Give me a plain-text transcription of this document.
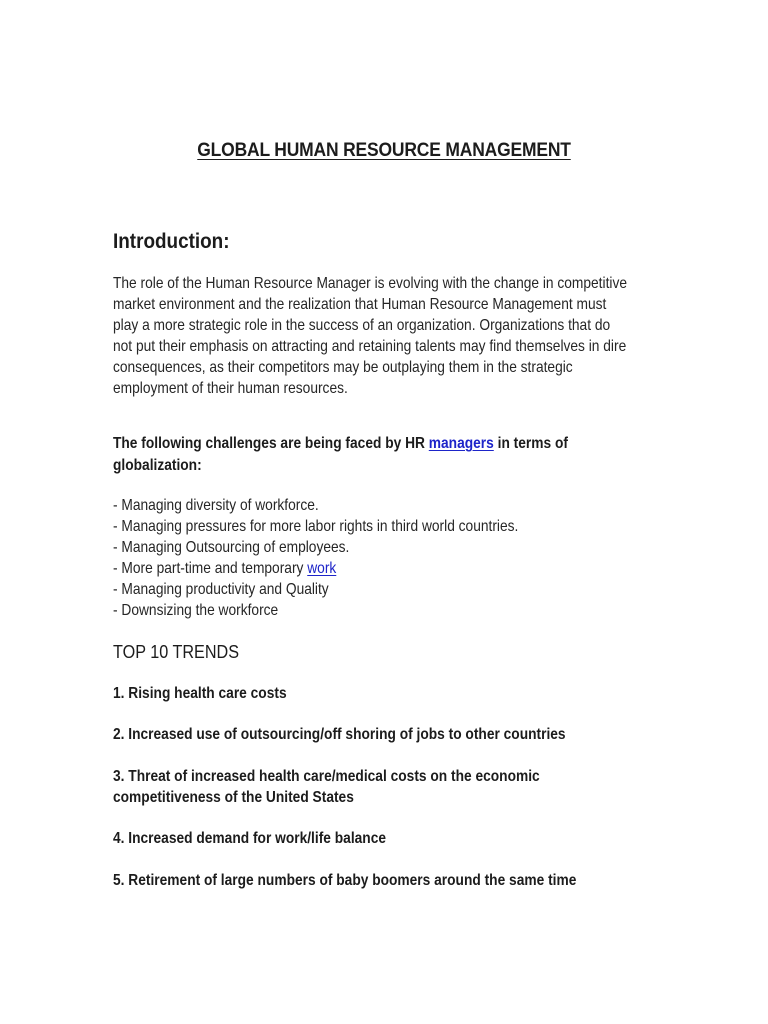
GLOBAL HUMAN RESOURCE MANAGEMENT
Introduction:
The role of the Human Resource Manager is evolving with the change in competitive
market environment and the realization that Human Resource Management must
play a more strategic role in the success of an organization. Organizations that do
not put their emphasis on attracting and retaining talents may find themselves in dire
consequences, as their competitors may be outplaying them in the strategic
employment of their human resources.
The following challenges are being faced by HR managers in terms of
globalization:
- Managing diversity of workforce.
- Managing pressures for more labor rights in third world countries.
- Managing Outsourcing of employees.
- More part-time and temporary work
- Managing productivity and Quality
- Downsizing the workforce
TOP 10 TRENDS
1. Rising health care costs
2. Increased use of outsourcing/off shoring of jobs to other countries
3. Threat of increased health care/medical costs on the economic
competitiveness of the United States
4. Increased demand for work/life balance
5. Retirement of large numbers of baby boomers around the same time
